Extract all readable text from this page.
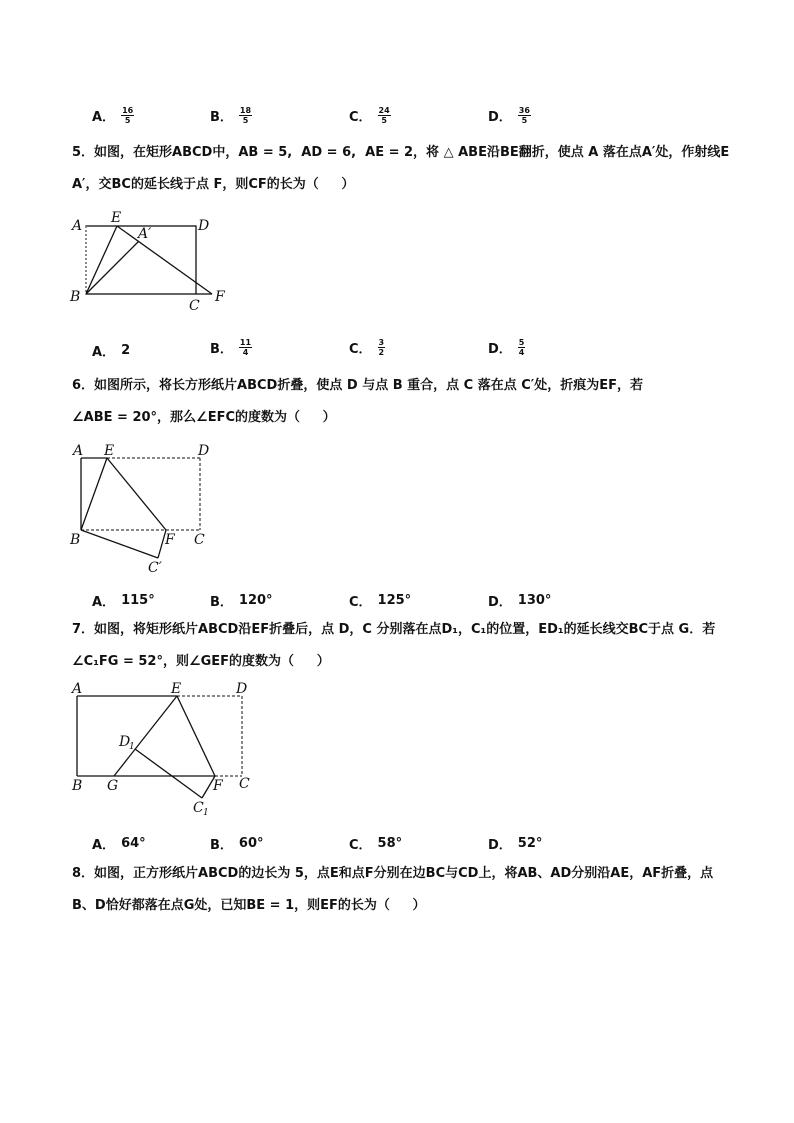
A． $\frac{16}{5}$	B． $\frac{18}{5}$	C． $\frac{24}{5}$	D． $\frac{36}{5}$
5．如图，在矩形ABCD中，AB = 5,  AD = 6,  AE = 2，将 △ ABE沿BE翻折，使点 A 落在点A′处，作射线E
A′，交BC的延长线于点 F，则CF的长为（     ）
A E	D
A′
B
C
F
A． 2	B． $\frac{11}{4}$	C． $\frac{3}{2}$	D． $\frac{5}{4}$
6．如图所示，将长方形纸片ABCD折叠，使点 D 与点 B 重合，点 C 落在点 C′处，折痕为EF，若
∠ABE = 20°，那么∠EFC的度数为（     ）
A E	D
B	F C
C′
A． 115°	B． 120°	C． 125°	D． 130°
7．如图，将矩形纸片ABCD沿EF折叠后，点 D，C 分别落在点D₁，C₁的位置，ED₁的延长线交BC于点 G．若
∠C₁FG = 52°，则∠GEF的度数为（     ）
A	E	D
D
1
B G	F C
C 1
A． 64°	B． 60°	C． 58°	D． 52°
8．如图，正方形纸片ABCD的边长为 5，点E和点F分别在边BC与CD上，将AB、AD分别沿AE，AF折叠，点
B、D恰好都落在点G处，已知BE = 1，则EF的长为（     ）
